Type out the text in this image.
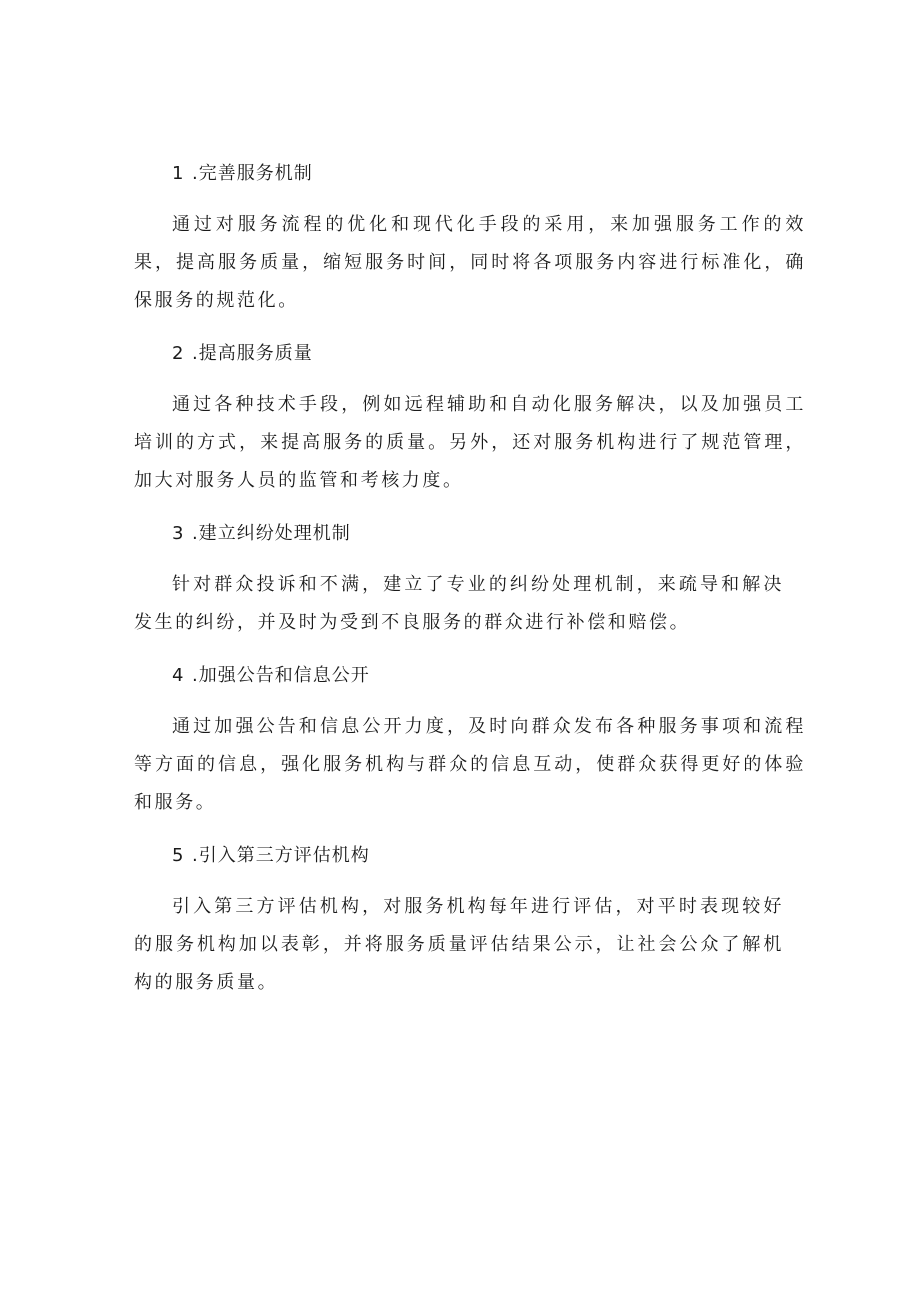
1 .完善服务机制

通过对服务流程的优化和现代化手段的采用，来加强服务工作的效果，提高服务质量，缩短服务时间，同时将各项服务内容进行标准化，确保服务的规范化。

2 .提高服务质量

通过各种技术手段，例如远程辅助和自动化服务解决，以及加强员工培训的方式，来提高服务的质量。另外，还对服务机构进行了规范管理，加大对服务人员的监管和考核力度。

3 .建立纠纷处理机制

针对群众投诉和不满，建立了专业的纠纷处理机制，来疏导和解决发生的纠纷，并及时为受到不良服务的群众进行补偿和赔偿。

4 .加强公告和信息公开

通过加强公告和信息公开力度，及时向群众发布各种服务事项和流程等方面的信息，强化服务机构与群众的信息互动，使群众获得更好的体验和服务。

5 .引入第三方评估机构

引入第三方评估机构，对服务机构每年进行评估，对平时表现较好的服务机构加以表彰，并将服务质量评估结果公示，让社会公众了解机构的服务质量。
